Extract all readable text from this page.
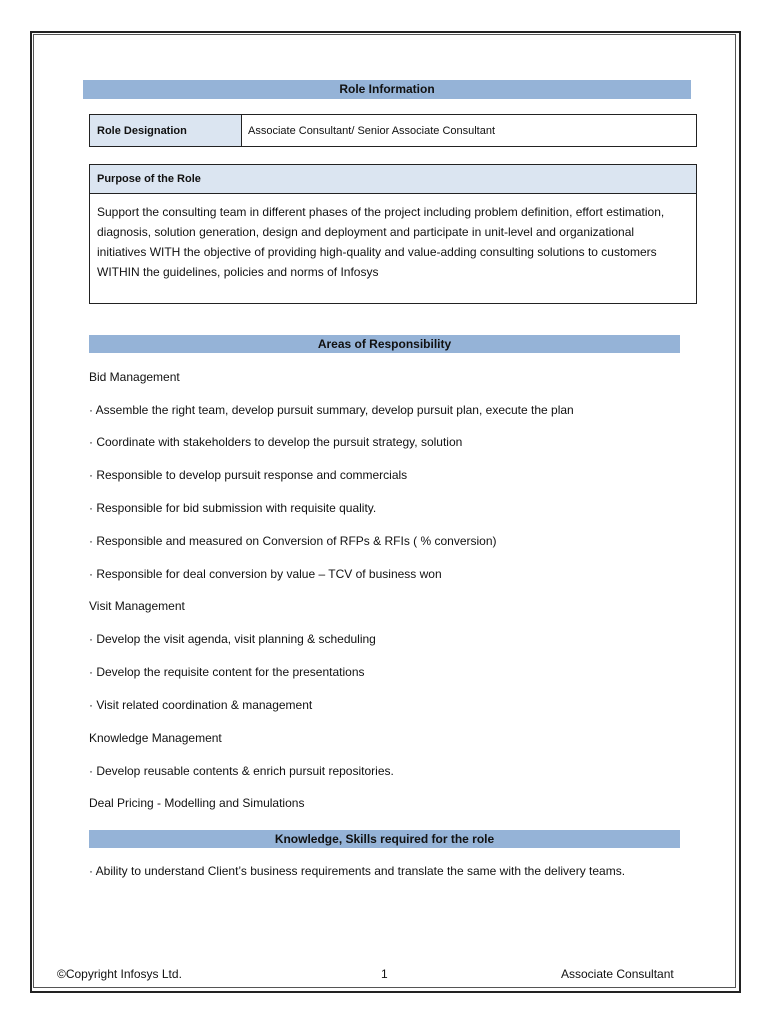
Role Information
Role Designation	Associate Consultant/ Senior Associate Consultant
Purpose of the Role
Support the consulting team in different phases of the project including problem definition, effort estimation, diagnosis, solution generation, design and deployment and participate in unit-level and organizational initiatives WITH the objective of providing high-quality and value-adding consulting solutions to customers WITHIN the guidelines, policies and norms of Infosys
Areas of Responsibility
Bid Management
· Assemble the right team, develop pursuit summary, develop pursuit plan, execute the plan
· Coordinate with stakeholders to develop the pursuit strategy, solution
· Responsible to develop pursuit response and commercials
· Responsible for bid submission with requisite quality.
· Responsible and measured on Conversion of RFPs & RFIs ( % conversion)
· Responsible for deal conversion by value – TCV of business won
Visit Management
· Develop the visit agenda, visit planning & scheduling
· Develop the requisite content for the presentations
· Visit related coordination & management
Knowledge Management
· Develop reusable contents & enrich pursuit repositories.
Deal Pricing - Modelling and Simulations
Knowledge, Skills required for the role
· Ability to understand Client’s business requirements and translate the same with the delivery teams.
©Copyright Infosys Ltd.	1	Associate Consultant
